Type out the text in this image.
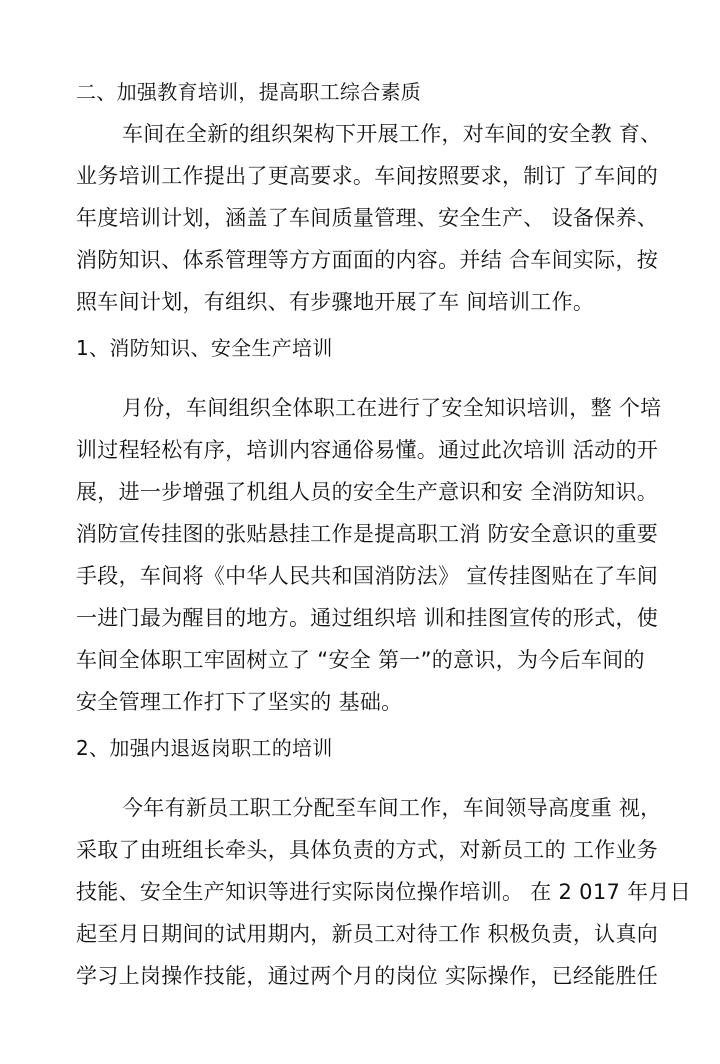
二、加强教育培训，提高职工综合素质
车间在全新的组织架构下开展工作，对车间的安全教 育、
业务培训工作提出了更高要求。车间按照要求，制订 了车间的
年度培训计划，涵盖了车间质量管理、安全生产、 设备保养、
消防知识、体系管理等方方面面的内容。并结 合车间实际，按
照车间计划，有组织、有步骤地开展了车 间培训工作。
1、消防知识、安全生产培训
月份，车间组织全体职工在进行了安全知识培训，整 个培
训过程轻松有序，培训内容通俗易懂。通过此次培训 活动的开
展，进一步增强了机组人员的安全生产意识和安 全消防知识。
消防宣传挂图的张贴悬挂工作是提高职工消 防安全意识的重要
手段，车间将《中华人民共和国消防法》 宣传挂图贴在了车间
一进门最为醒目的地方。通过组织培 训和挂图宣传的形式，使
车间全体职工牢固树立了 “安全 第一”的意识，为今后车间的
安全管理工作打下了坚实的 基础。
2、加强内退返岗职工的培训
今年有新员工职工分配至车间工作，车间领导高度重 视，
采取了由班组长牵头，具体负责的方式，对新员工的 工作业务
技能、安全生产知识等进行实际岗位操作培训。 在 2 017 年月日
起至月日期间的试用期内，新员工对待工作 积极负责，认真向
学习上岗操作技能，通过两个月的岗位 实际操作，已经能胜任
